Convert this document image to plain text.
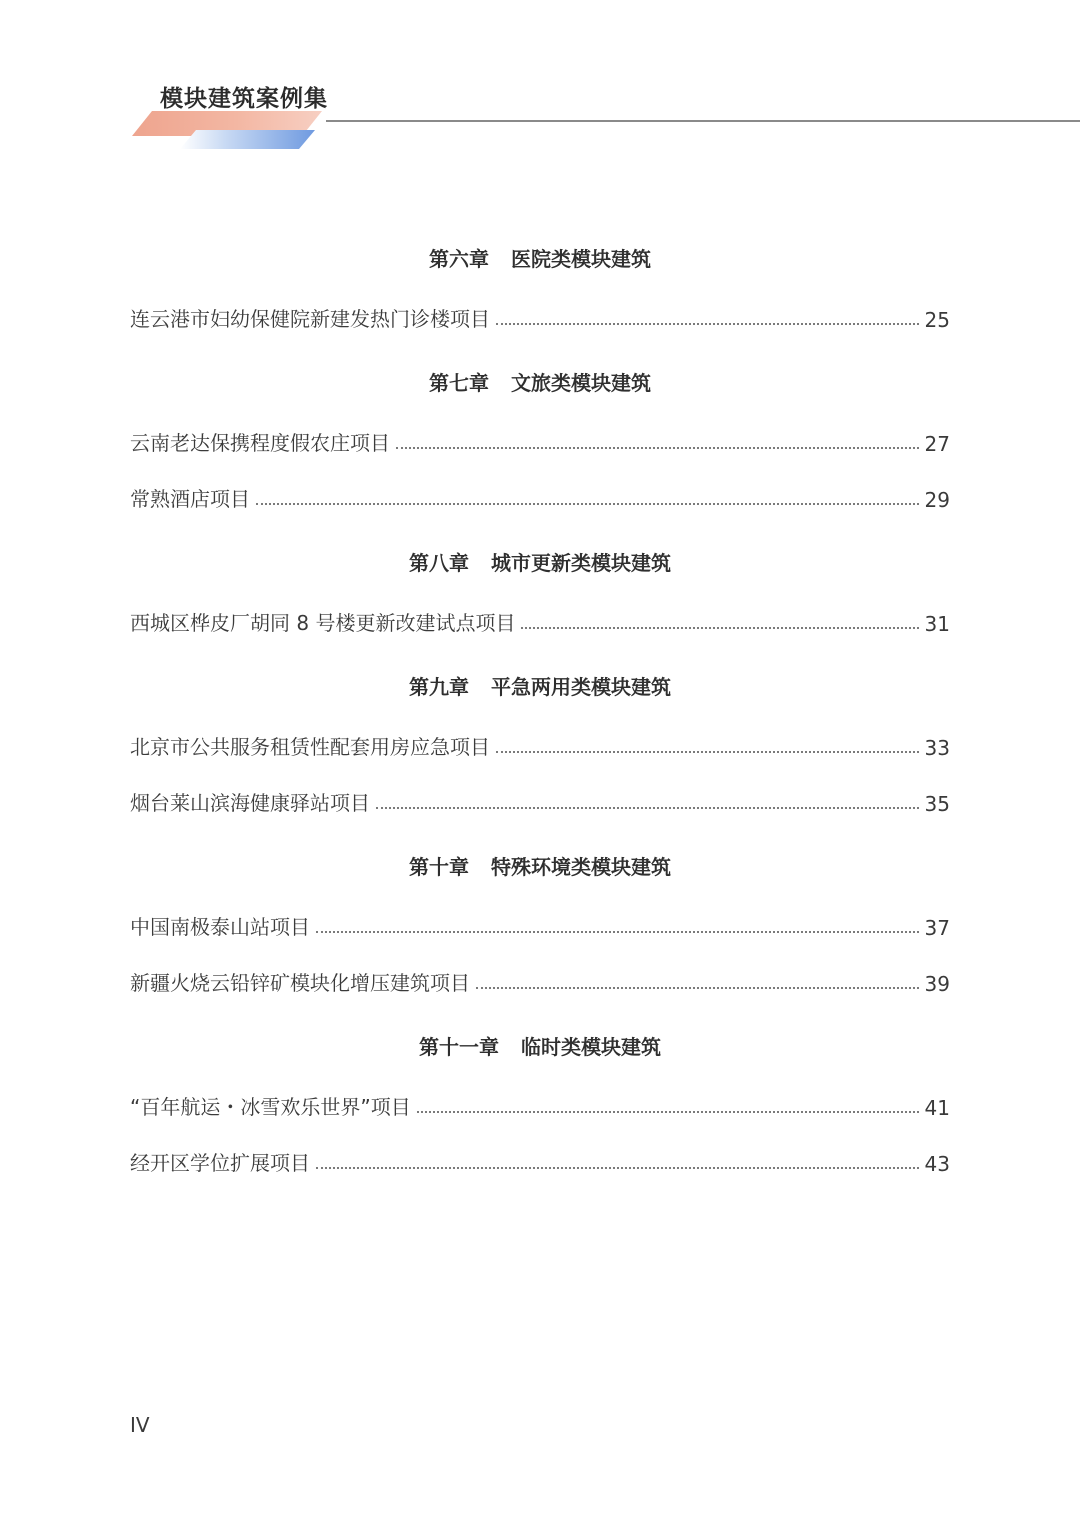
模块建筑案例集
第六章 医院类模块建筑
连云港市妇幼保健院新建发热门诊楼项目	25
第七章 文旅类模块建筑
云南老达保携程度假农庄项目	27
常熟酒店项目	29
第八章 城市更新类模块建筑
西城区桦皮厂胡同 8 号楼更新改建试点项目	31
第九章 平急两用类模块建筑
北京市公共服务租赁性配套用房应急项目	33
烟台莱山滨海健康驿站项目	35
第十章 特殊环境类模块建筑
中国南极泰山站项目	37
新疆火烧云铅锌矿模块化增压建筑项目	39
第十一章 临时类模块建筑
“百年航运・冰雪欢乐世界”项目	41
经开区学位扩展项目	43
IV
